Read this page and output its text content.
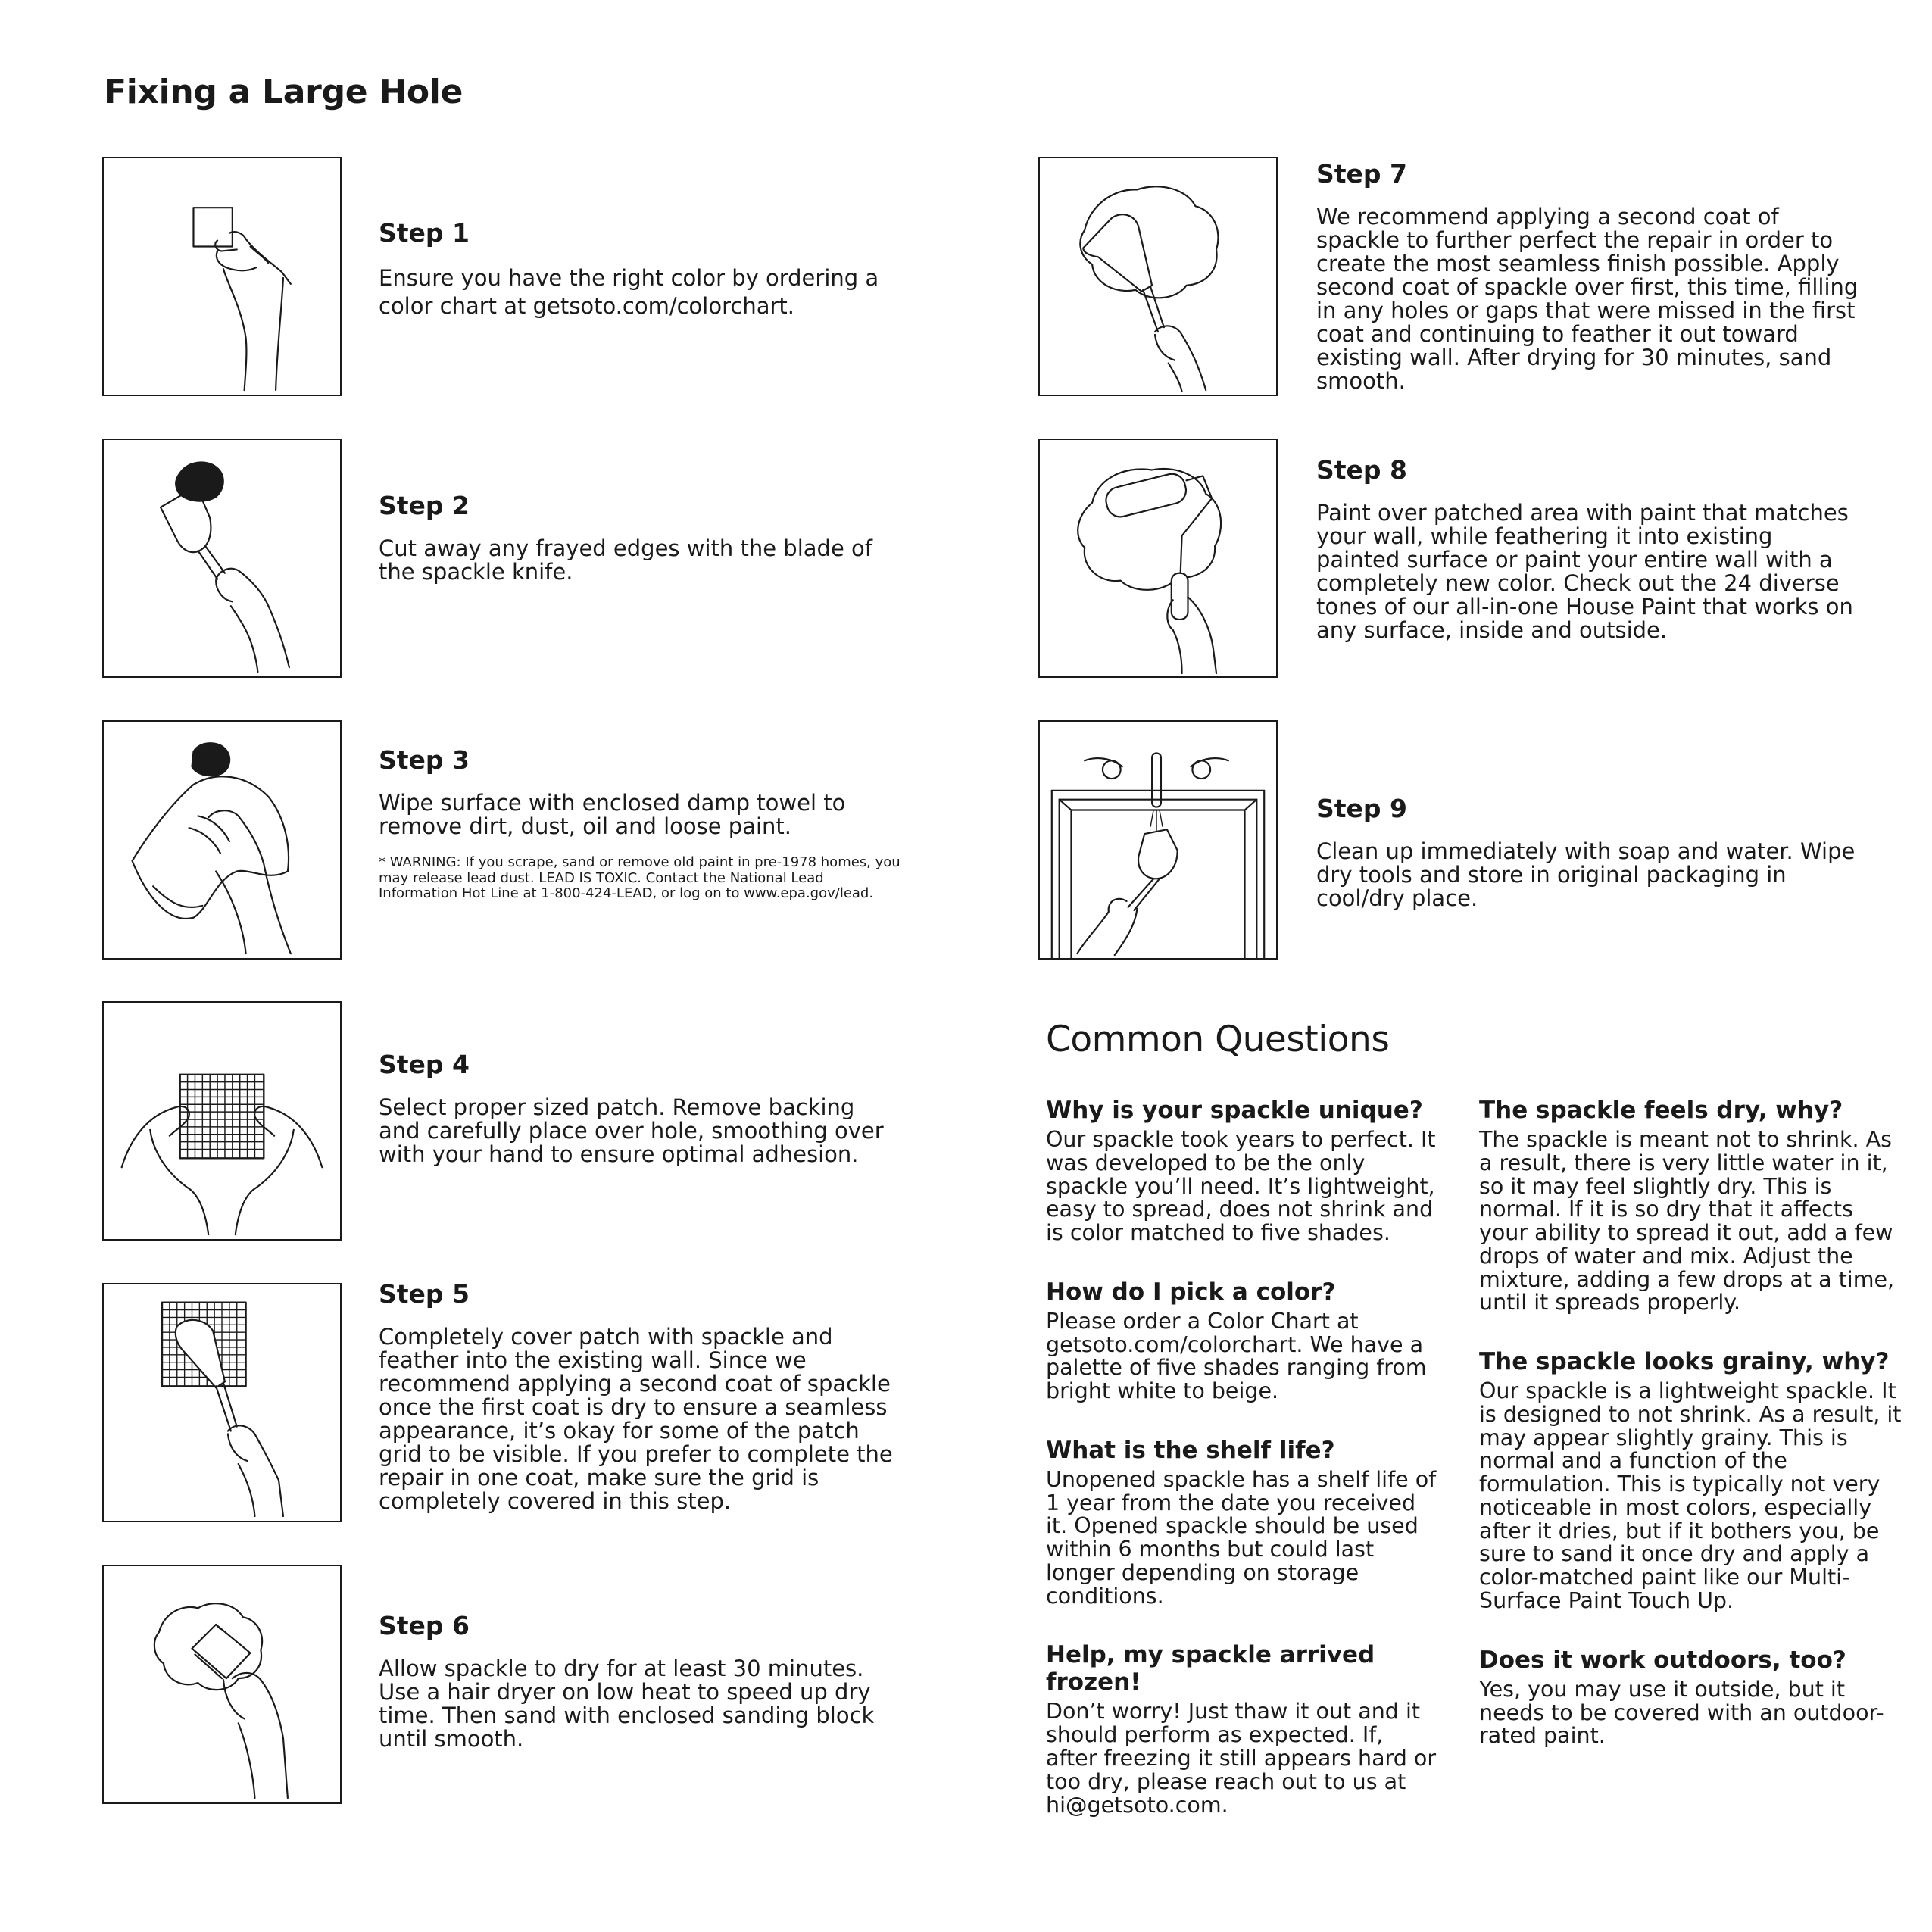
Fixing a Large Hole

Step 1

Ensure you have the right color by ordering a color chart at getsoto.com/colorchart.

Step 2

Cut away any frayed edges with the blade of the spackle knife.

Step 3

Wipe surface with enclosed damp towel to remove dirt, dust, oil and loose paint.

* WARNING: If you scrape, sand or remove old paint in pre-1978 homes, you may release lead dust. LEAD IS TOXIC. Contact the National Lead Information Hot Line at 1-800-424-LEAD, or log on to www.epa.gov/lead.

Step 4

Select proper sized patch. Remove backing and carefully place over hole, smoothing over with your hand to ensure optimal adhesion.

Step 5

Completely cover patch with spackle and feather into the existing wall. Since we recommend applying a second coat of spackle once the first coat is dry to ensure a seamless appearance, it’s okay for some of the patch grid to be visible. If you prefer to complete the repair in one coat, make sure the grid is completely covered in this step.

Step 6

Allow spackle to dry for at least 30 minutes. Use a hair dryer on low heat to speed up dry time. Then sand with enclosed sanding block until smooth.

Step 7

We recommend applying a second coat of spackle to further perfect the repair in order to create the most seamless finish possible. Apply second coat of spackle over first, this time, filling in any holes or gaps that were missed in the first coat and continuing to feather it out toward existing wall. After drying for 30 minutes, sand smooth.

Step 8

Paint over patched area with paint that matches your wall, while feathering it into existing painted surface or paint your entire wall with a completely new color. Check out the 24 diverse tones of our all-in-one House Paint that works on any surface, inside and outside.

Step 9

Clean up immediately with soap and water. Wipe dry tools and store in original packaging in cool/dry place.

Common Questions

Why is your spackle unique?

Our spackle took years to perfect. It was developed to be the only spackle you’ll need. It’s lightweight, easy to spread, does not shrink and is color matched to five shades.

How do I pick a color?

Please order a Color Chart at getsoto.com/colorchart. We have a palette of five shades ranging from bright white to beige.

What is the shelf life?

Unopened spackle has a shelf life of 1 year from the date you received it. Opened spackle should be used within 6 months but could last longer depending on storage conditions.

Help, my spackle arrived frozen!

Don’t worry! Just thaw it out and it should perform as expected. If, after freezing it still appears hard or too dry, please reach out to us at hi@getsoto.com.

The spackle feels dry, why?

The spackle is meant not to shrink. As a result, there is very little water in it, so it may feel slightly dry. This is normal. If it is so dry that it affects your ability to spread it out, add a few drops of water and mix. Adjust the mixture, adding a few drops at a time, until it spreads properly.

The spackle looks grainy, why?

Our spackle is a lightweight spackle. It is designed to not shrink. As a result, it may appear slightly grainy. This is normal and a function of the formulation. This is typically not very noticeable in most colors, especially after it dries, but if it bothers you, be sure to sand it once dry and apply a color-matched paint like our Multi-Surface Paint Touch Up.

Does it work outdoors, too?

Yes, you may use it outside, but it needs to be covered with an outdoor-rated paint.
